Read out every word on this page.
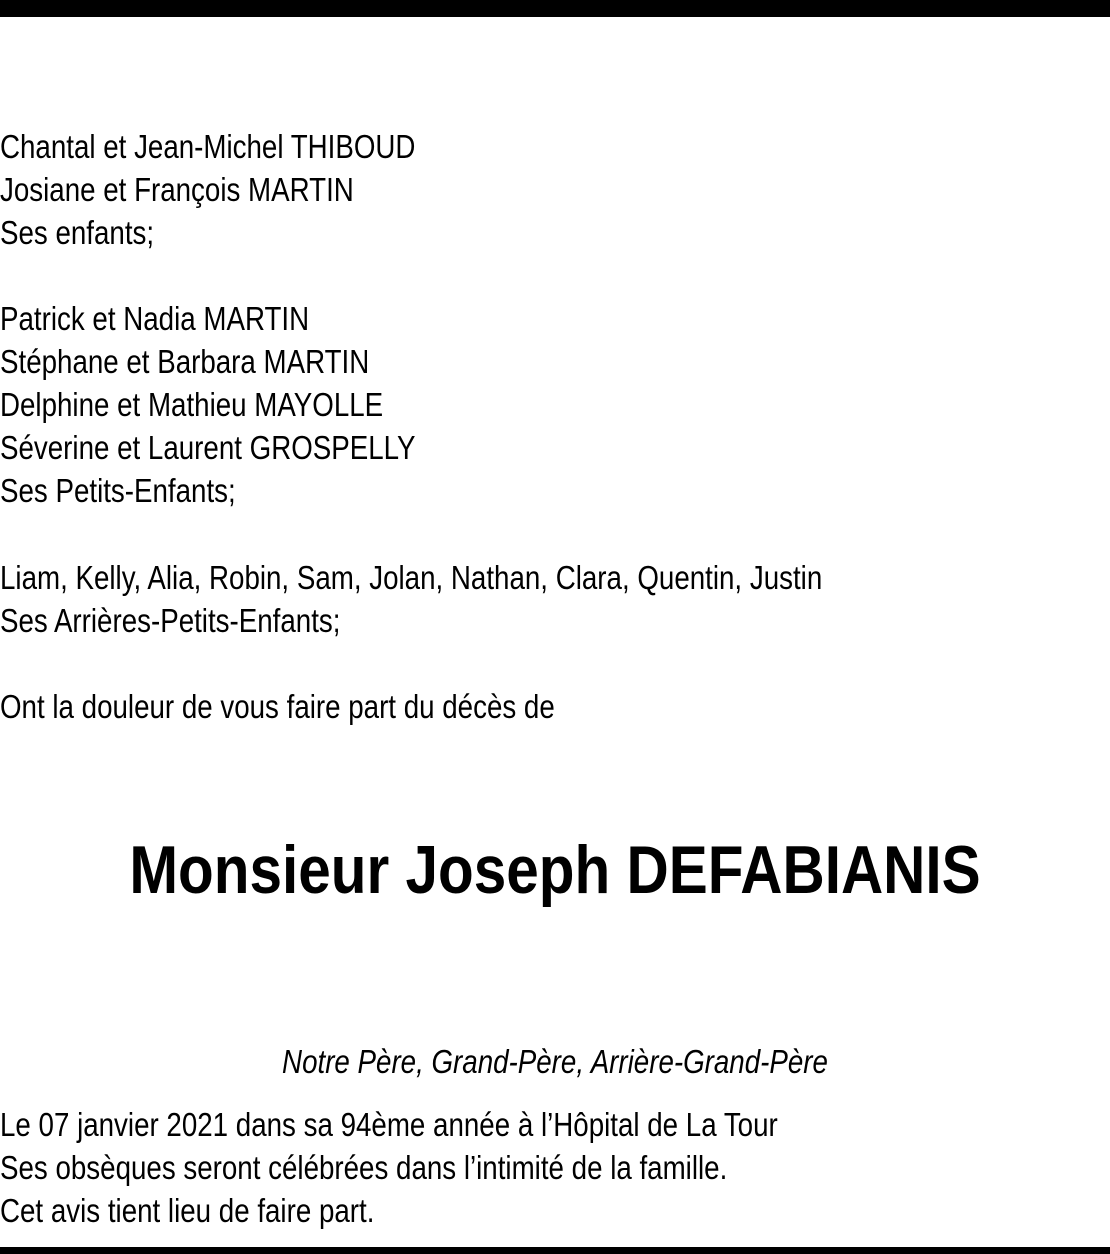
Chantal et Jean-Michel THIBOUD

Josiane et François MARTIN

Ses enfants;

Patrick et Nadia MARTIN

Stéphane et Barbara MARTIN

Delphine et Mathieu MAYOLLE

Séverine et Laurent GROSPELLY

Ses Petits-Enfants;

Liam, Kelly, Alia, Robin, Sam, Jolan, Nathan, Clara, Quentin, Justin

Ses Arrières-Petits-Enfants;

Ont la douleur de vous faire part du décès de

Monsieur Joseph DEFABIANIS

Notre Père, Grand-Père, Arrière-Grand-Père

Le 07 janvier 2021 dans sa 94ème année à l’Hôpital de La Tour

Ses obsèques seront célébrées dans l’intimité de la famille.

Cet avis tient lieu de faire part.
